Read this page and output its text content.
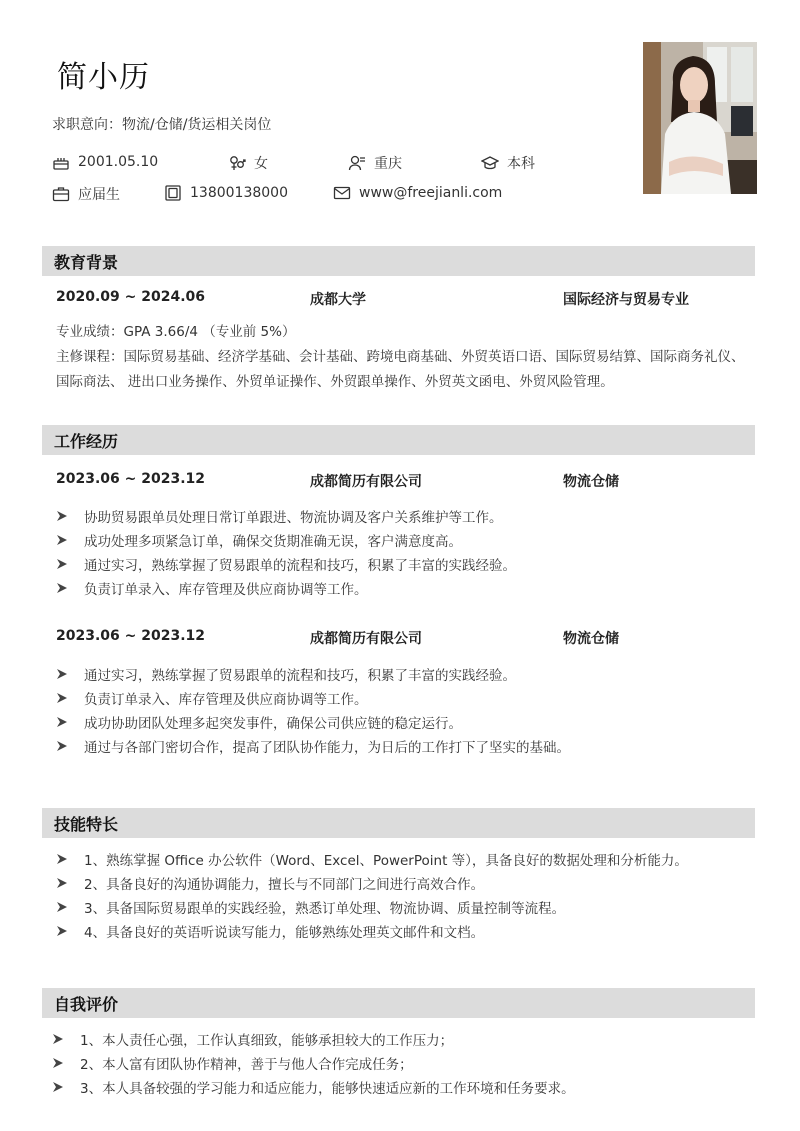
简小历
求职意向：物流/仓储/货运相关岗位
2001.05.10	女	重庆	本科
应届生	13800138000	www@freejianli.com
教育背景
2020.09 ~ 2024.06	成都大学	国际经济与贸易专业
专业成绩：GPA 3.66/4 （专业前 5%）
主修课程：国际贸易基础、经济学基础、会计基础、跨境电商基础、外贸英语口语、国际贸易结算、国际商务礼仪、国际商法、 进出口业务操作、外贸单证操作、外贸跟单操作、外贸英文函电、外贸风险管理。
工作经历
2023.06 ~ 2023.12	成都简历有限公司	物流仓储
协助贸易跟单员处理日常订单跟进、物流协调及客户关系维护等工作。
成功处理多项紧急订单，确保交货期准确无误，客户满意度高。
通过实习，熟练掌握了贸易跟单的流程和技巧，积累了丰富的实践经验。
负责订单录入、库存管理及供应商协调等工作。
2023.06 ~ 2023.12	成都简历有限公司	物流仓储
通过实习，熟练掌握了贸易跟单的流程和技巧，积累了丰富的实践经验。
负责订单录入、库存管理及供应商协调等工作。
成功协助团队处理多起突发事件，确保公司供应链的稳定运行。
通过与各部门密切合作，提高了团队协作能力，为日后的工作打下了坚实的基础。
技能特长
1、熟练掌握 Office 办公软件（Word、Excel、PowerPoint 等），具备良好的数据处理和分析能力。
2、具备良好的沟通协调能力，擅长与不同部门之间进行高效合作。
3、具备国际贸易跟单的实践经验，熟悉订单处理、物流协调、质量控制等流程。
4、具备良好的英语听说读写能力，能够熟练处理英文邮件和文档。
自我评价
1、本人责任心强，工作认真细致，能够承担较大的工作压力；
2、本人富有团队协作精神，善于与他人合作完成任务；
3、本人具备较强的学习能力和适应能力，能够快速适应新的工作环境和任务要求。
